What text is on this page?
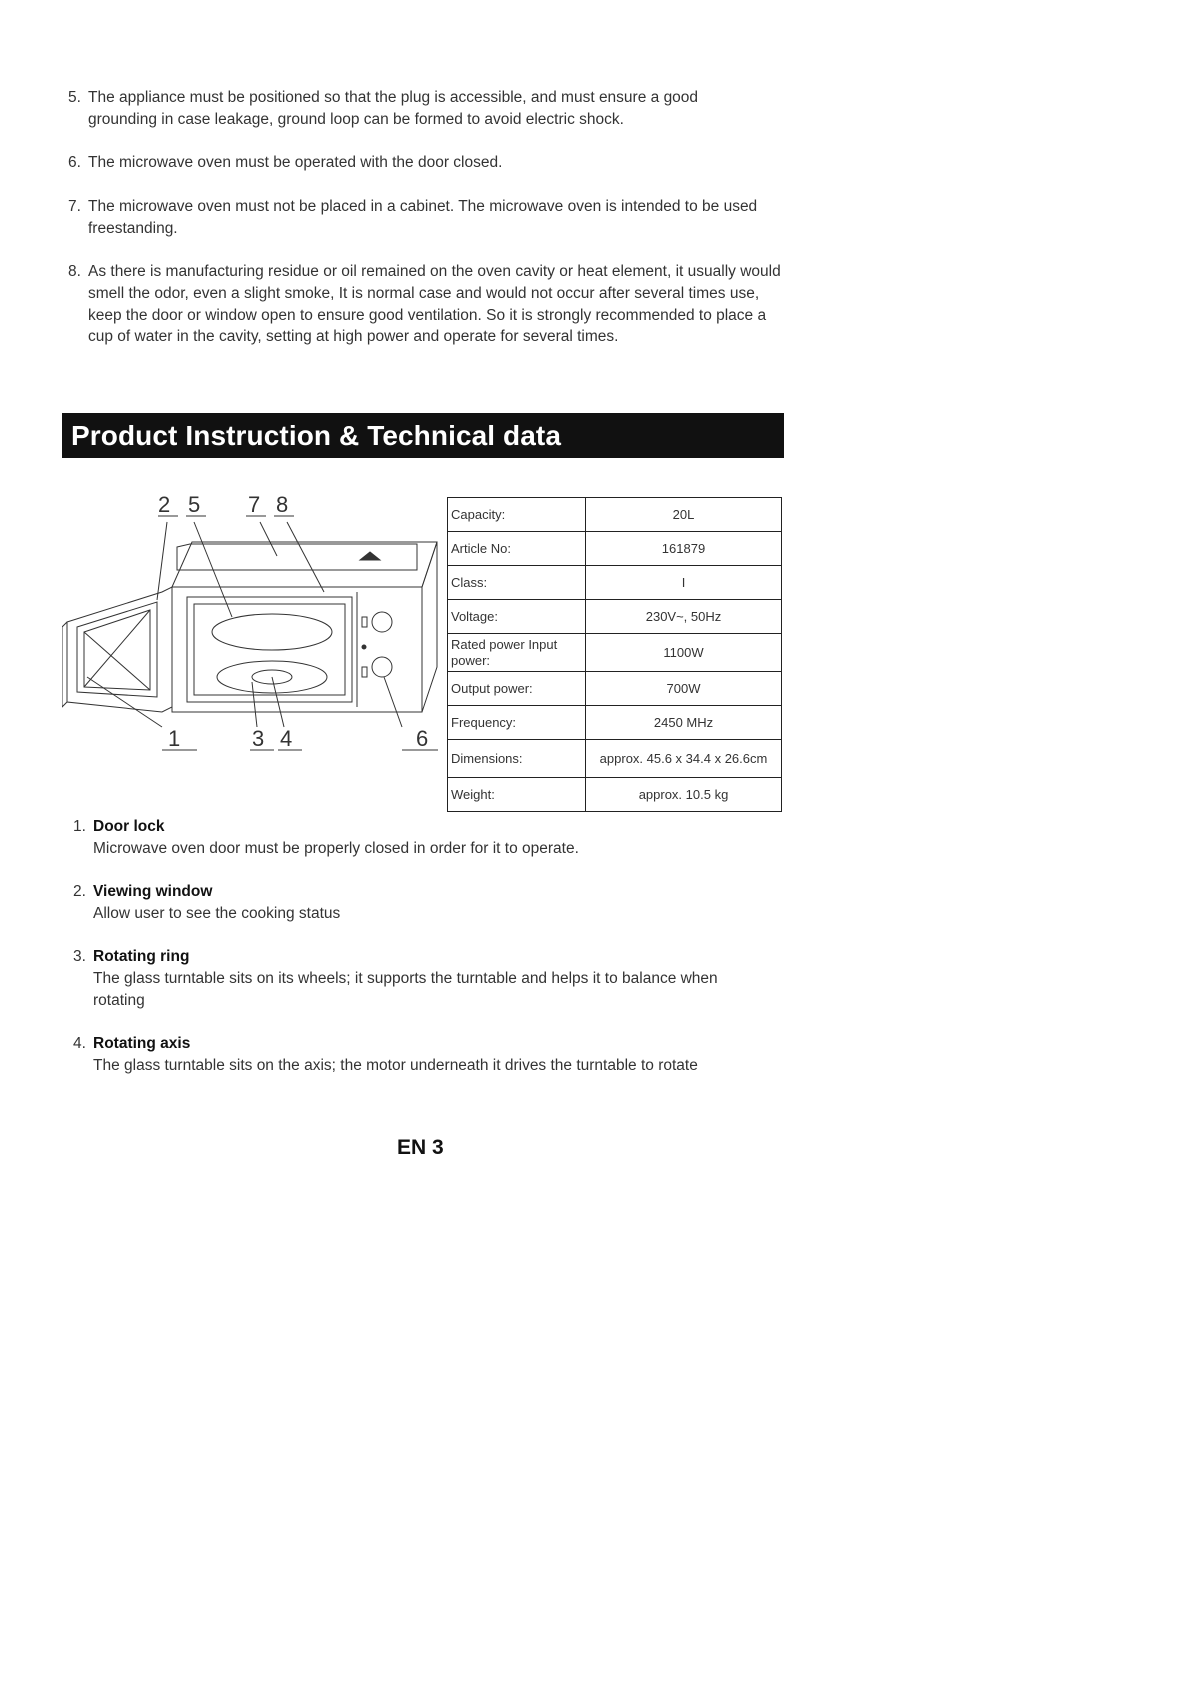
5. The appliance must be positioned so that the plug is accessible, and must ensure a good grounding in case leakage, ground loop can be formed to avoid electric shock.
6. The microwave oven must be operated with the door closed.
7. The microwave oven must not be placed in a cabinet. The microwave oven is intended to be used freestanding.
8. As there is manufacturing residue or oil remained on the oven cavity or heat element, it usually would smell the odor, even a slight smoke, It is normal case and would not occur after several times use, keep the door or window open to ensure good ventilation. So it is strongly recommended to place a cup of water in the cavity, setting at high power and operate for several times.
Product Instruction & Technical data
2 5 7 8
1	3 4	6
Capacity:	20L
Article No:	161879
Class:	I
Voltage:	230V~, 50Hz
Rated power Input power:	1100W
Output power:	700W
Frequency:	2450 MHz
Dimensions:	approx. 45.6 x 34.4 x 26.6cm
Weight:	approx. 10.5 kg
1. Door lock
Microwave oven door must be properly closed in order for it to operate.
2. Viewing window
Allow user to see the cooking status
3. Rotating ring
The glass turntable sits on its wheels; it supports the turntable and helps it to balance when rotating
4. Rotating axis
The glass turntable sits on the axis; the motor underneath it drives the turntable to rotate
EN 3
